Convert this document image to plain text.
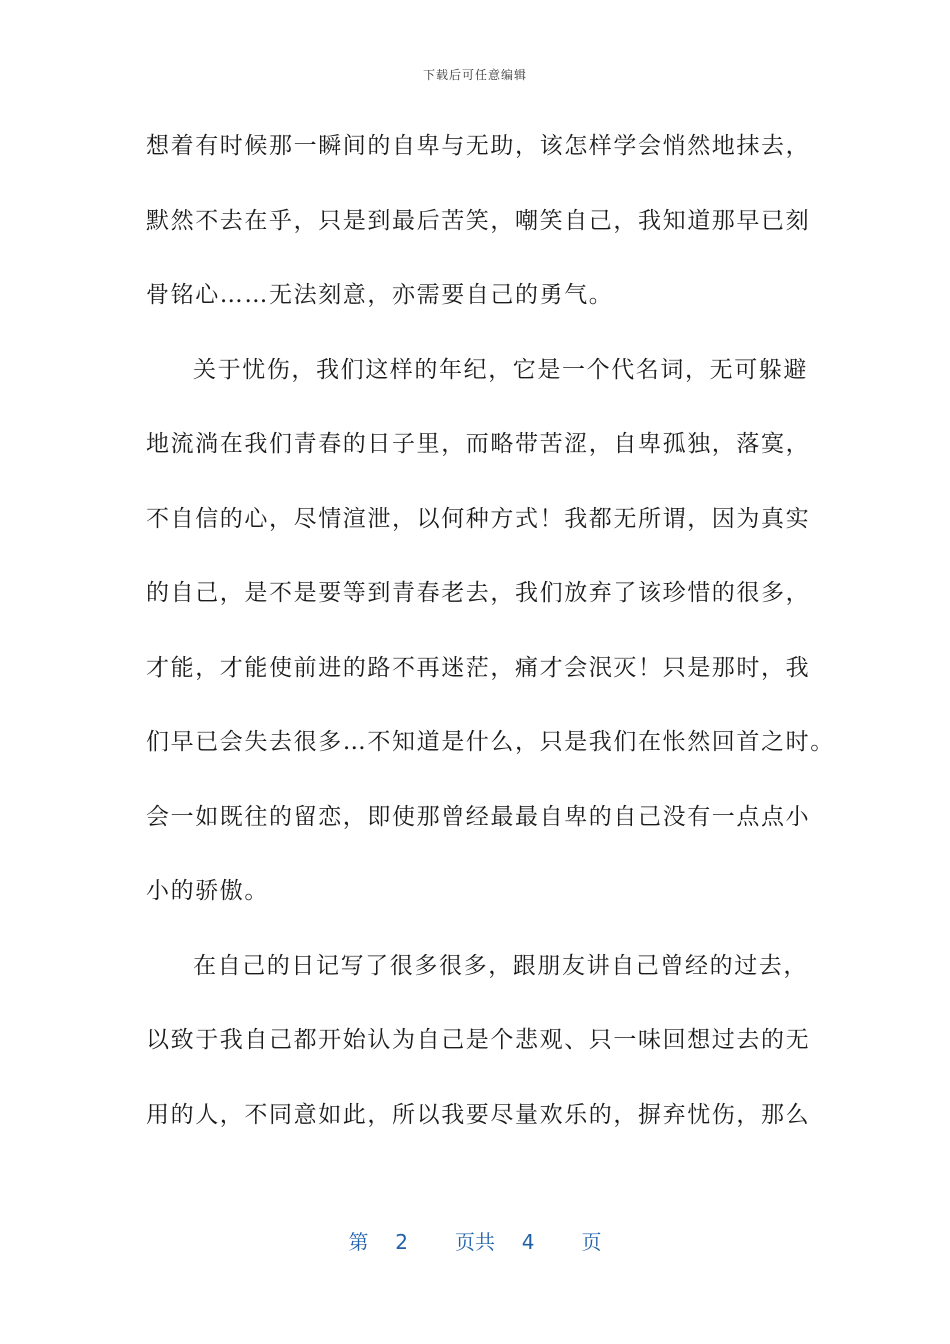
下载后可任意编辑
想着有时候那一瞬间的自卑与无助，该怎样学会悄然地抹去，
默然不去在乎，只是到最后苦笑，嘲笑自己，我知道那早已刻
骨铭心……无法刻意，亦需要自己的勇气。
关于忧伤，我们这样的年纪，它是一个代名词，无可躲避
地流淌在我们青春的日子里，而略带苦涩，自卑孤独，落寞，
不自信的心，尽情渲泄，以何种方式！我都无所谓，因为真实
的自己，是不是要等到青春老去，我们放弃了该珍惜的很多，
才能，才能使前进的路不再迷茫，痛才会泯灭！只是那时，我
们早已会失去很多…不知道是什么，只是我们在怅然回首之时。
会一如既往的留恋，即使那曾经最最自卑的自己没有一点点小
小的骄傲。
在自己的日记写了很多很多，跟朋友讲自己曾经的过去，
以致于我自己都开始认为自己是个悲观、只一味回想过去的无
用的人，不同意如此，所以我要尽量欢乐的，摒弃忧伤，那么
第 2 页共 4 页
